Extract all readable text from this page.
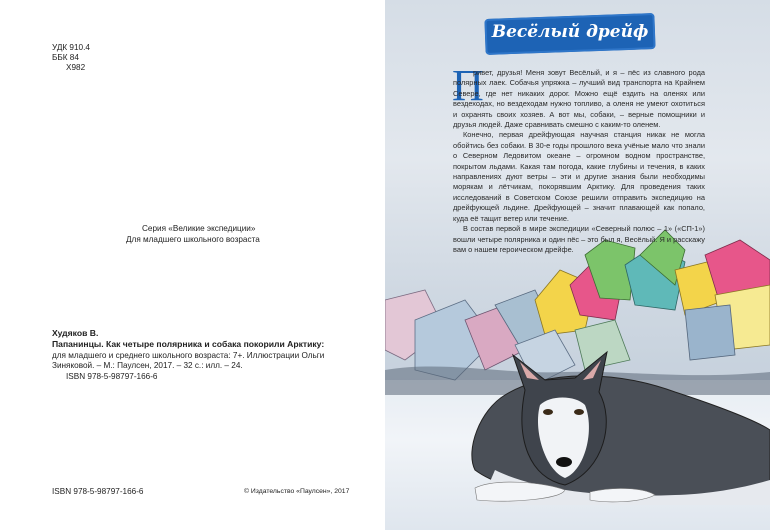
УДК 910.4
ББК 84
Х982
Серия «Великие экспедиции»
Для младшего школьного возраста
Худяков В.
Папанинцы. Как четыре полярника и собака покорили Арктику:
для младшего и среднего школьного возраста: 7+. Иллюстрации Ольги
Зиняковой. – М.: Паулсен, 2017. – 32 с.: илл. – 24.
ISBN 978-5-98797-166-6
ISBN 978-5-98797-166-6	© Издательство «Паулсен», 2017
Весёлый дрейф
П

ривет, друзья! Меня зовут Весёлый, и я – пёс из славного рода полярных лаек. Собачья упряжка – лучший вид транспорта на Крайнем Севере, где нет никаких дорог. Можно ещё ездить на оленях или вездеходах, но вездеходам нужно топливо, а оленя не умеют охотиться и охранять своих хозяев. А вот мы, собаки, – верные помощники и друзья людей. Даже сравнивать смешно с каким-то оленем.

Конечно, первая дрейфующая научная станция никак не могла обойтись без собаки. В 30-е годы прошлого века учёные мало что знали о Северном Ледовитом океане – огромном водном пространстве, покрытом льдами. Какая там погода, какие глубины и течения, в каких направлениях дуют ветры – эти и другие знания были необходимы морякам и лётчикам, покорявшим Арктику. Для проведения таких исследований в Советском Союзе решили отправить экспедицию на дрейфующей льдине. Дрейфующей – значит плавающей как попало, куда её тащит ветер или течение.

В состав первой в мире экспедиции «Северный полюс – 1» («СП-1») вошли четыре полярника и один пёс – это был я, Весёлый. Я и расскажу вам о нашем героическом дрейфе.
